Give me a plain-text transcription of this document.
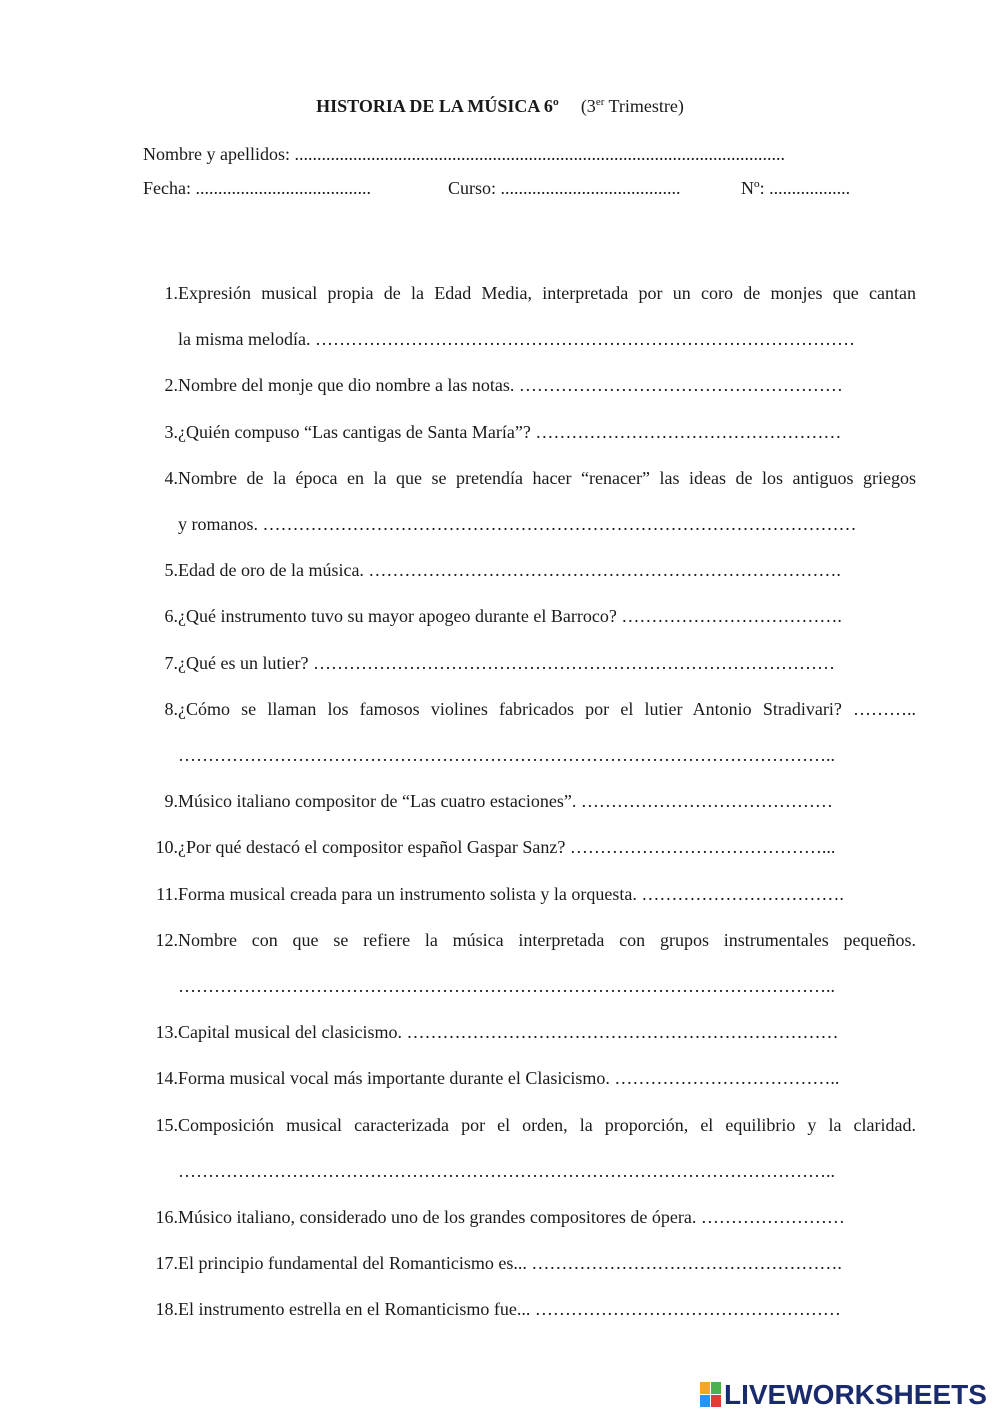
HISTORIA DE LA MÚSICA 6º (3er Trimestre)
Nombre y apellidos: .............................................................................................................
Fecha: .......................................	Curso: ........................................	Nº: ..................
1. Expresión musical propia de la Edad Media, interpretada por un coro de monjes que cantan
la misma melodía. ………………………………………………………………………………
2. Nombre del monje que dio nombre a las notas. ………………………………………………
3. ¿Quién compuso “Las cantigas de Santa María”? ……………………………………………
4. Nombre de la época en la que se pretendía hacer “renacer” las ideas de los antiguos griegos
y romanos. ………………………………………………………………………………………
5. Edad de oro de la música. …………………………………………………………………….
6. ¿Qué instrumento tuvo su mayor apogeo durante el Barroco? ……………………………….
7. ¿Qué es un lutier? ……………………………………………………………………………
8. ¿Cómo se llaman los famosos violines fabricados por el lutier Antonio Stradivari? ………..
………………………………………………………………………………………………..
9. Músico italiano compositor de “Las cuatro estaciones”. ……………………………………
10. ¿Por qué destacó el compositor español Gaspar Sanz? ……………………………………...
11. Forma musical creada para un instrumento solista y la orquesta. …………………………….
12. Nombre con que se refiere la música interpretada con grupos instrumentales pequeños.
………………………………………………………………………………………………..
13. Capital musical del clasicismo. ………………………………………………………………
14. Forma musical vocal más importante durante el Clasicismo. ………………………………..
15. Composición musical caracterizada por el orden, la proporción, el equilibrio y la claridad.
………………………………………………………………………………………………..
16. Músico italiano, considerado uno de los grandes compositores de ópera. ……………………
17. El principio fundamental del Romanticismo es... …………………………………………….
18. El instrumento estrella en el Romanticismo fue... ……………………………………………
LIVEWORKSHEETS
